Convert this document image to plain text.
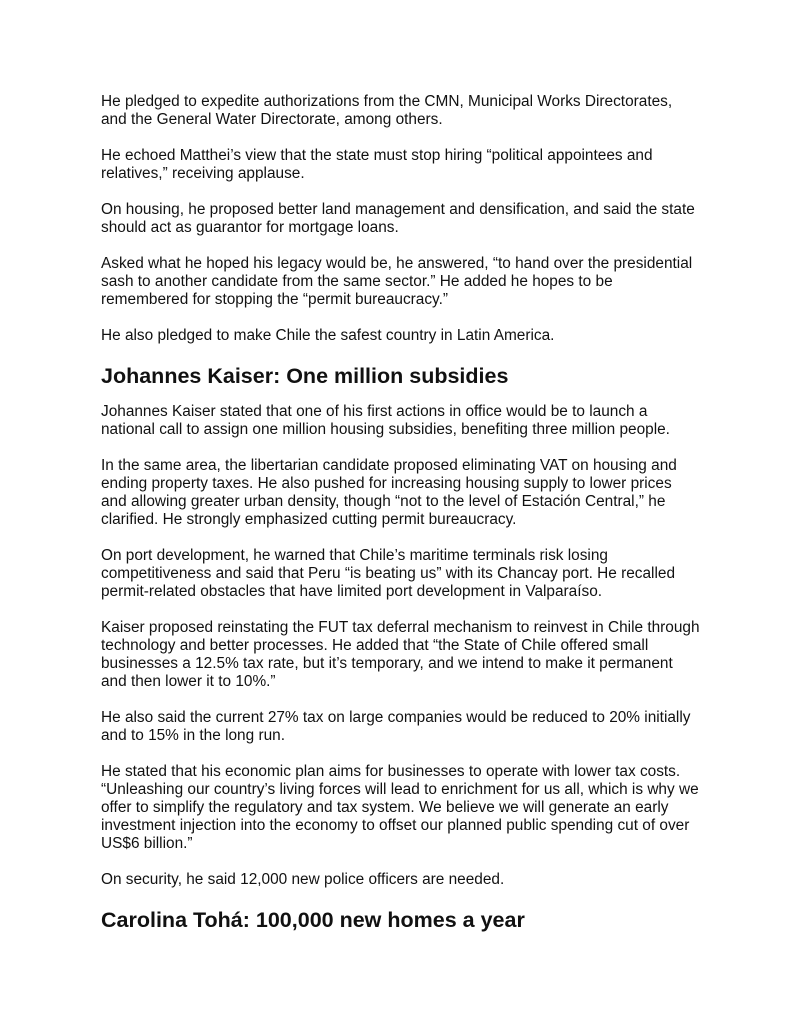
He pledged to expedite authorizations from the CMN, Municipal Works Directorates,
and the General Water Directorate, among others.

He echoed Matthei’s view that the state must stop hiring “political appointees and
relatives,” receiving applause.

On housing, he proposed better land management and densification, and said the state
should act as guarantor for mortgage loans.

Asked what he hoped his legacy would be, he answered, “to hand over the presidential
sash to another candidate from the same sector.” He added he hopes to be
remembered for stopping the “permit bureaucracy.”

He also pledged to make Chile the safest country in Latin America.

Johannes Kaiser: One million subsidies

Johannes Kaiser stated that one of his first actions in office would be to launch a
national call to assign one million housing subsidies, benefiting three million people.

In the same area, the libertarian candidate proposed eliminating VAT on housing and
ending property taxes. He also pushed for increasing housing supply to lower prices
and allowing greater urban density, though “not to the level of Estación Central,” he
clarified. He strongly emphasized cutting permit bureaucracy.

On port development, he warned that Chile’s maritime terminals risk losing
competitiveness and said that Peru “is beating us” with its Chancay port. He recalled
permit-related obstacles that have limited port development in Valparaíso.

Kaiser proposed reinstating the FUT tax deferral mechanism to reinvest in Chile through
technology and better processes. He added that “the State of Chile offered small
businesses a 12.5% tax rate, but it’s temporary, and we intend to make it permanent
and then lower it to 10%.”

He also said the current 27% tax on large companies would be reduced to 20% initially
and to 15% in the long run.

He stated that his economic plan aims for businesses to operate with lower tax costs.
“Unleashing our country’s living forces will lead to enrichment for us all, which is why we
offer to simplify the regulatory and tax system. We believe we will generate an early
investment injection into the economy to offset our planned public spending cut of over
US$6 billion.”

On security, he said 12,000 new police officers are needed.

Carolina Tohá: 100,000 new homes a year
